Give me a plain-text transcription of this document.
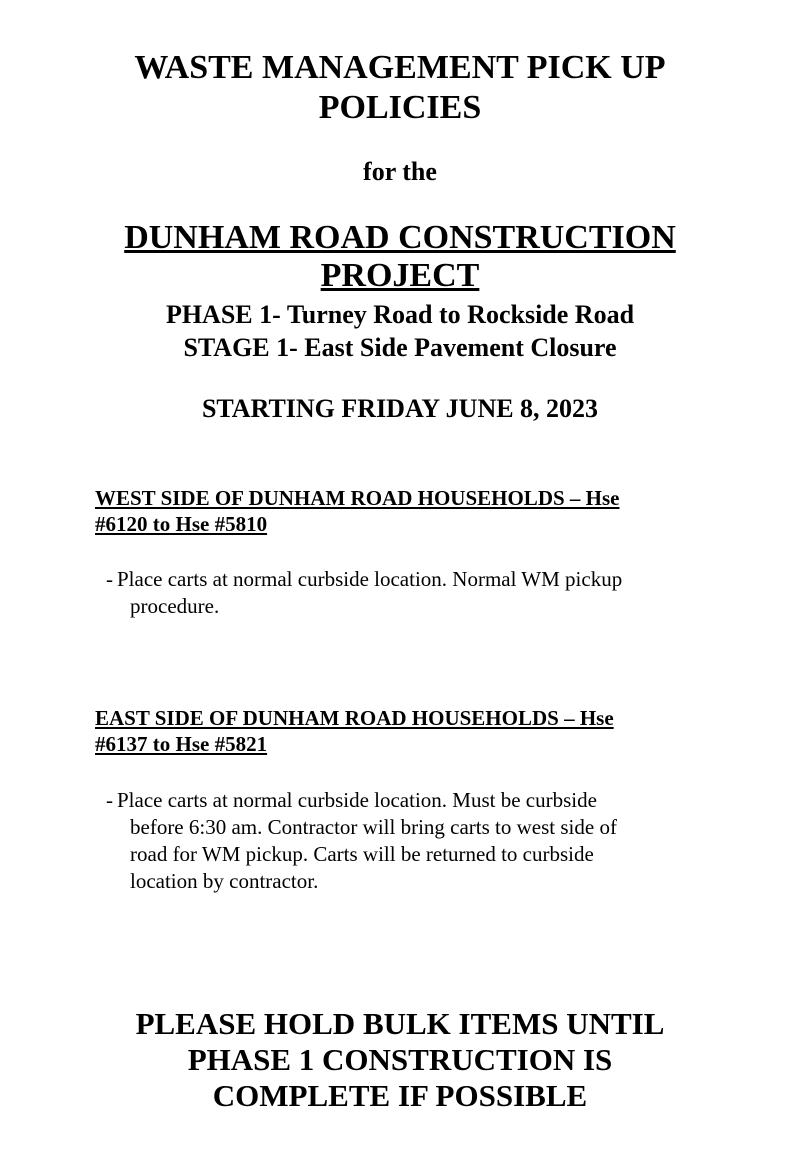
WASTE MANAGEMENT PICK UP
POLICIES

for the

DUNHAM ROAD CONSTRUCTION
PROJECT
PHASE 1- Turney Road to Rockside Road
STAGE 1- East Side Pavement Closure

STARTING FRIDAY JUNE 8, 2023

WEST SIDE OF DUNHAM ROAD HOUSEHOLDS – Hse
#6120 to Hse #5810
- Place carts at normal curbside location. Normal WM pickup
procedure.
EAST SIDE OF DUNHAM ROAD HOUSEHOLDS – Hse
#6137 to Hse #5821
- Place carts at normal curbside location. Must be curbside
before 6:30 am. Contractor will bring carts to west side of
road for WM pickup. Carts will be returned to curbside
location by contractor.
PLEASE HOLD BULK ITEMS UNTIL
PHASE 1 CONSTRUCTION IS
COMPLETE IF POSSIBLE
